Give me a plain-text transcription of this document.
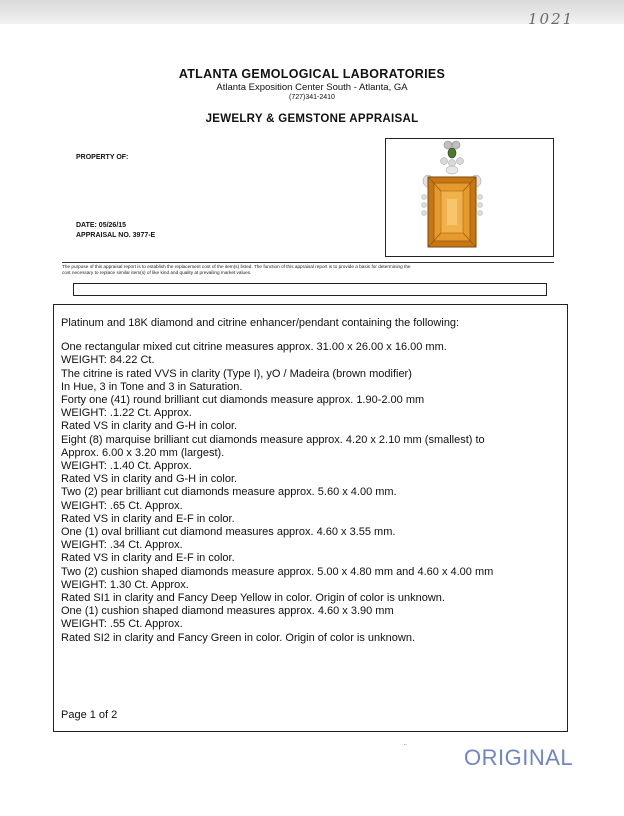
1021
ATLANTA GEMOLOGICAL LABORATORIES
Atlanta Exposition Center South - Atlanta, GA
(727)341-2410
JEWELRY & GEMSTONE APPRAISAL
PROPERTY OF:
DATE: 05/26/15
APPRAISAL NO. 3977-E
The purpose of this appraisal report is to establish the replacement cost of the item(s) listed. The function of this appraisal report is to provide a basis for determining the
cost necessary to replace similar item(s) of like kind and quality at prevailing market values.
Platinum and 18K diamond and citrine enhancer/pendant containing the following:
One rectangular mixed cut citrine measures approx. 31.00 x 26.00 x 16.00 mm.
WEIGHT: 84.22 Ct.
The citrine is rated VVS in clarity (Type I), yO / Madeira (brown modifier)
In Hue, 3 in Tone and 3 in Saturation.
Forty one (41) round brilliant cut diamonds measure approx. 1.90-2.00 mm
WEIGHT: .1.22 Ct. Approx.
Rated VS in clarity and G-H in color.
Eight (8) marquise brilliant cut diamonds measure approx. 4.20 x 2.10 mm (smallest) to
Approx. 6.00 x 3.20 mm (largest).
WEIGHT: .1.40 Ct. Approx.
Rated VS in clarity and G-H in color.
Two (2) pear brilliant cut diamonds measure approx. 5.60 x 4.00 mm.
WEIGHT: .65 Ct. Approx.
Rated VS in clarity and E-F in color.
One (1) oval brilliant cut diamond measures approx. 4.60 x 3.55 mm.
WEIGHT: .34 Ct. Approx.
Rated VS in clarity and E-F in color.
Two (2) cushion shaped diamonds measure approx. 5.00 x 4.80 mm and 4.60 x 4.00 mm
WEIGHT: 1.30 Ct. Approx.
Rated SI1 in clarity and Fancy Deep Yellow in color. Origin of color is unknown.
One (1) cushion shaped diamond measures approx. 4.60 x 3.90 mm
WEIGHT: .55 Ct. Approx.
Rated SI2 in clarity and Fancy Green in color. Origin of color is unknown.
Page 1 of 2
¨	ORIGINAL
